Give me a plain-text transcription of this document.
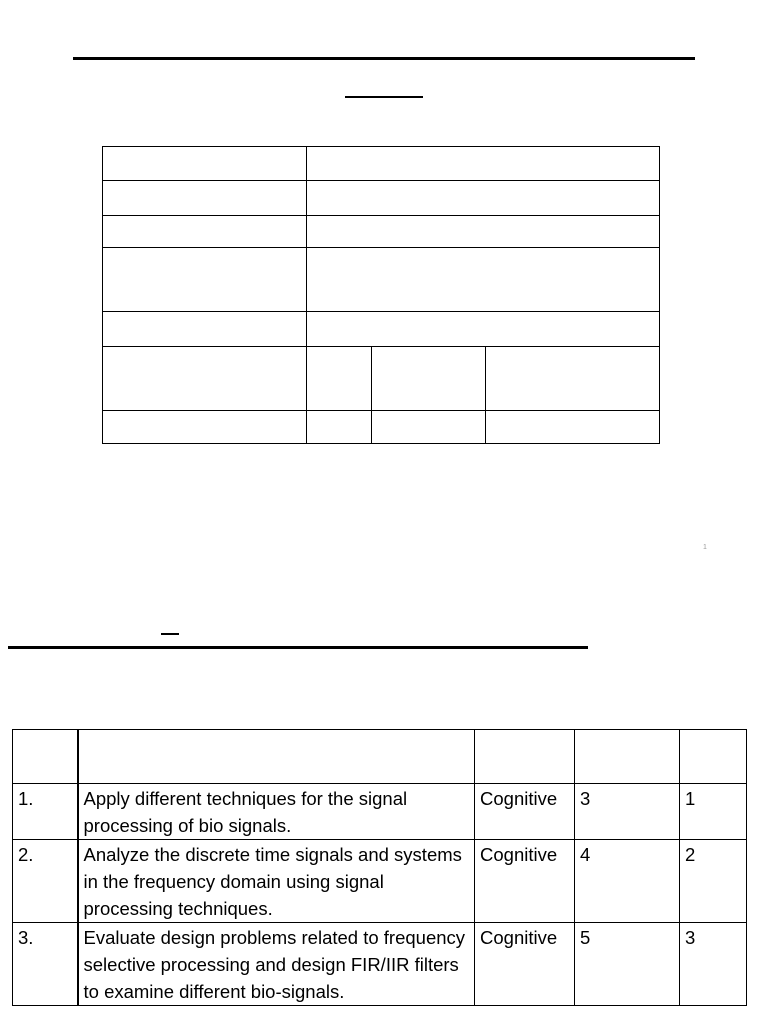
1

1.	Apply different techniques for the signal processing of bio signals.	Cognitive	3	1
2.	Analyze the discrete time signals and systems in the frequency domain using signal processing techniques.	Cognitive	4	2
3.	Evaluate design problems related to frequency selective processing and design FIR/IIR filters to examine different bio-signals.	Cognitive	5	3
